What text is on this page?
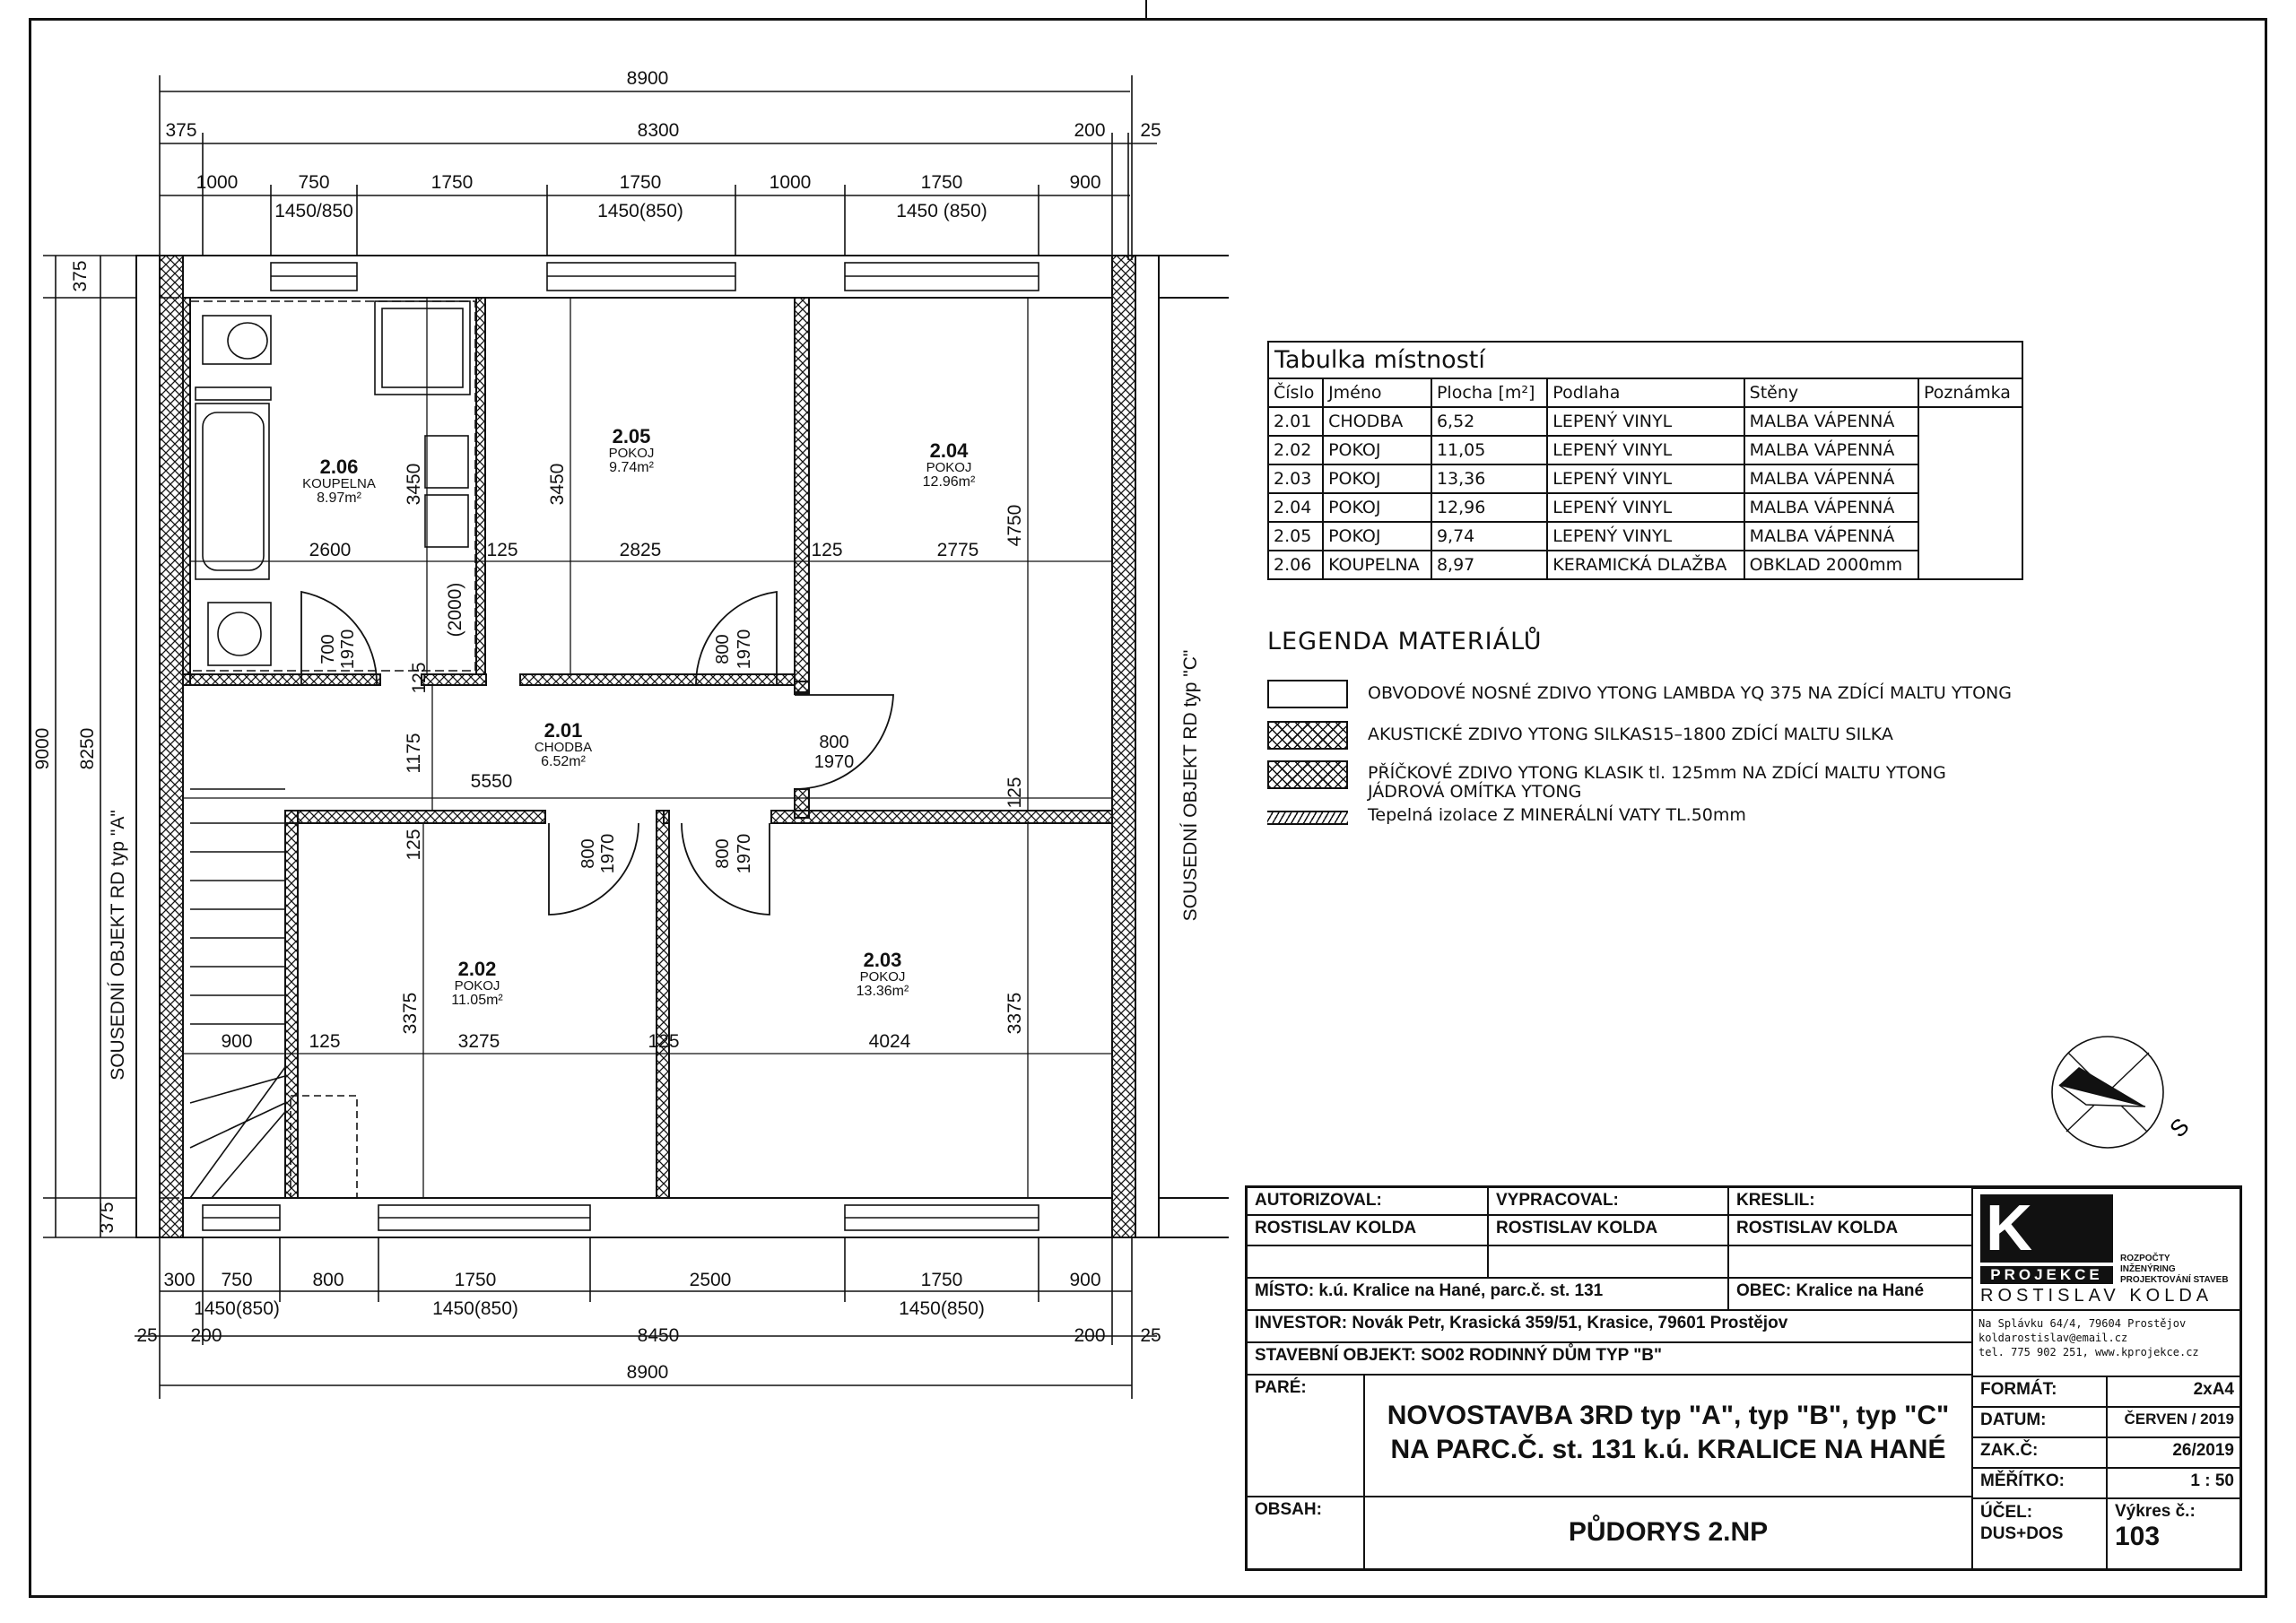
8900
375	8300	200 25
1000	750	1750	1750	1000	1750	900
1450/850	1450(850)	1450 (850)
375
9000 8250
375
300 750	800	1750	2500	1750	900
1450(850)	1450(850)	1450(850)
25 200	8450	200 25
8900
2600	125	2825	125	2775
3450	3450
4750
(2000)
1175
5550
125
125
125
900	125	3275	125	4024
3375	3375
700 1970	800 1970
800
1970
800 1970	800 1970
2.06
KOUPELNA
8.97m²
2.05
POKOJ
9.74m²
2.04
POKOJ
12.96m²
2.01
CHODBA
6.52m²
2.02
POKOJ
11.05m²
2.03
POKOJ
13.36m²
SOUSEDNÍ OBJEKT RD typ "A"
SOUSEDNÍ OBJEKT RD typ "C"
S
Tabulka místností
Číslo	Jméno	Plocha [m²]	Podlaha	Stěny	Poznámka
2.01	CHODBA	6,52	LEPENÝ VINYL	MALBA VÁPENNÁ	
2.02	POKOJ	11,05	LEPENÝ VINYL	MALBA VÁPENNÁ	
2.03	POKOJ	13,36	LEPENÝ VINYL	MALBA VÁPENNÁ	
2.04	POKOJ	12,96	LEPENÝ VINYL	MALBA VÁPENNÁ	
2.05	POKOJ	9,74	LEPENÝ VINYL	MALBA VÁPENNÁ	
2.06	KOUPELNA	8,97	KERAMICKÁ DLAŽBA	OBKLAD 2000mm	
LEGENDA MATERIÁLŮ
OBVODOVÉ NOSNÉ ZDIVO YTONG LAMBDA YQ 375 NA ZDÍCÍ MALTU YTONG
AKUSTICKÉ ZDIVO YTONG SILKAS15–1800 ZDÍCÍ MALTU SILKA
PŘÍČKOVÉ ZDIVO YTONG KLASIK tl. 125mm NA ZDÍCÍ MALTU YTONG
JÁDROVÁ OMÍTKA YTONG
Tepelná izolace Z MINERÁLNÍ VATY TL.50mm
AUTORIZOVAL:	VYPRACOVAL:	KRESLIL:
ROSTISLAV KOLDA	ROSTISLAV KOLDA	ROSTISLAV KOLDA
MÍSTO: k.ú. Kralice na Hané, parc.č. st. 131	OBEC: Kralice na Hané
INVESTOR: Novák Petr, Krasická 359/51, Krasice, 79601 Prostějov
STAVEBNÍ OBJEKT: SO02 RODINNÝ DŮM TYP "B"
PARÉ:
NOVOSTAVBA 3RD typ "A", typ "B", typ "C"
NA PARC.Č. st. 131 k.ú. KRALICE NA HANÉ
OBSAH:
PŮDORYS 2.NP
K
PROJEKCE
ROSTISLAV KOLDA
ROZPOČTY
INŽENÝRING
PROJEKTOVÁNÍ STAVEB
Na Splávku 64/4, 79604 Prostějov
koldarostislav@email.cz
tel. 775 902 251, www.kprojekce.cz
FORMÁT:	2xA4
DATUM:	ČERVEN / 2019
ZAK.Č:	26/2019
MĚŘÍTKO:	1 : 50
ÚČEL:
DUS+DOS
Výkres č.:
103
